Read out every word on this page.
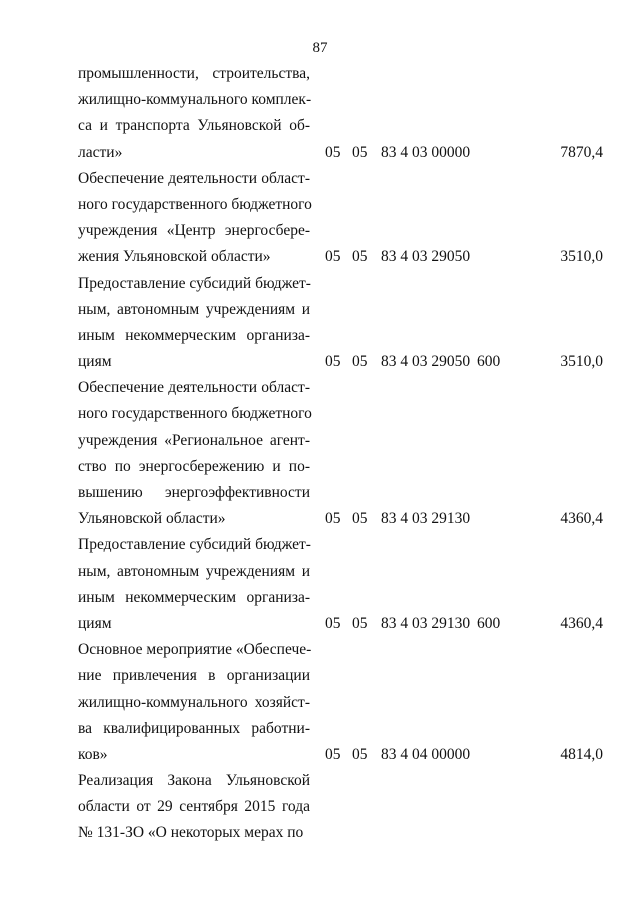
87
промышленности, строительства,
жилищно-коммунального комплек-
са и транспорта Ульяновской об-
ласти»	05 05 83 4 03 00000	7870,4
Обеспечение деятельности област-
ного государственного бюджетного
учреждения «Центр энергосбере-
жения Ульяновской области»	05 05 83 4 03 29050	3510,0
Предоставление субсидий бюджет-
ным, автономным учреждениям и
иным некоммерческим организа-
циям	05 05 83 4 03 29050 600	3510,0
Обеспечение деятельности област-
ного государственного бюджетного
учреждения «Региональное агент-
ство по энергосбережению и по-
вышению энергоэффективности
Ульяновской области»	05 05 83 4 03 29130	4360,4
Предоставление субсидий бюджет-
ным, автономным учреждениям и
иным некоммерческим организа-
циям	05 05 83 4 03 29130 600	4360,4
Основное мероприятие «Обеспече-
ние привлечения в организации
жилищно-коммунального хозяйст-
ва квалифицированных работни-
ков»	05 05 83 4 04 00000	4814,0
Реализация Закона Ульяновской
области от 29 сентября 2015 года
№ 131-ЗО «О некоторых мерах по
